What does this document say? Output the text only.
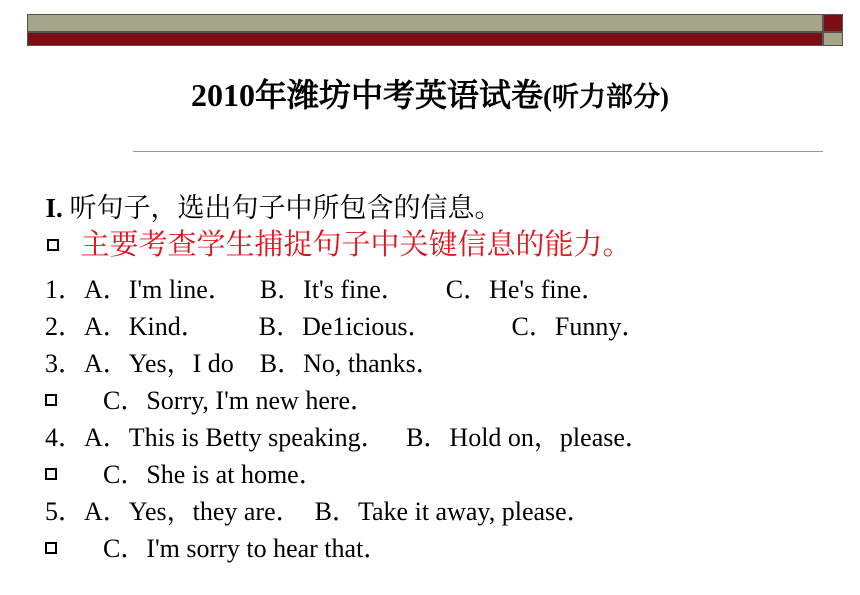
2010年潍坊中考英语试卷(听力部分)

I. 听句子，选出句子中所包含的信息。

主要考查学生捕捉句子中关键信息的能力。

1．A．I'm line．    B．It's fine．      C．He's fine．

2．A．Kind．        B．De1icious．            C．Funny．

3．A．Yes，I do    B．No, thanks．

C．Sorry, I'm new here．

4．A．This is Betty speaking．   B．Hold on，please．

C．She is at home．

5．A．Yes，they are．  B．Take it away, please．

C．I'm sorry to hear that．
